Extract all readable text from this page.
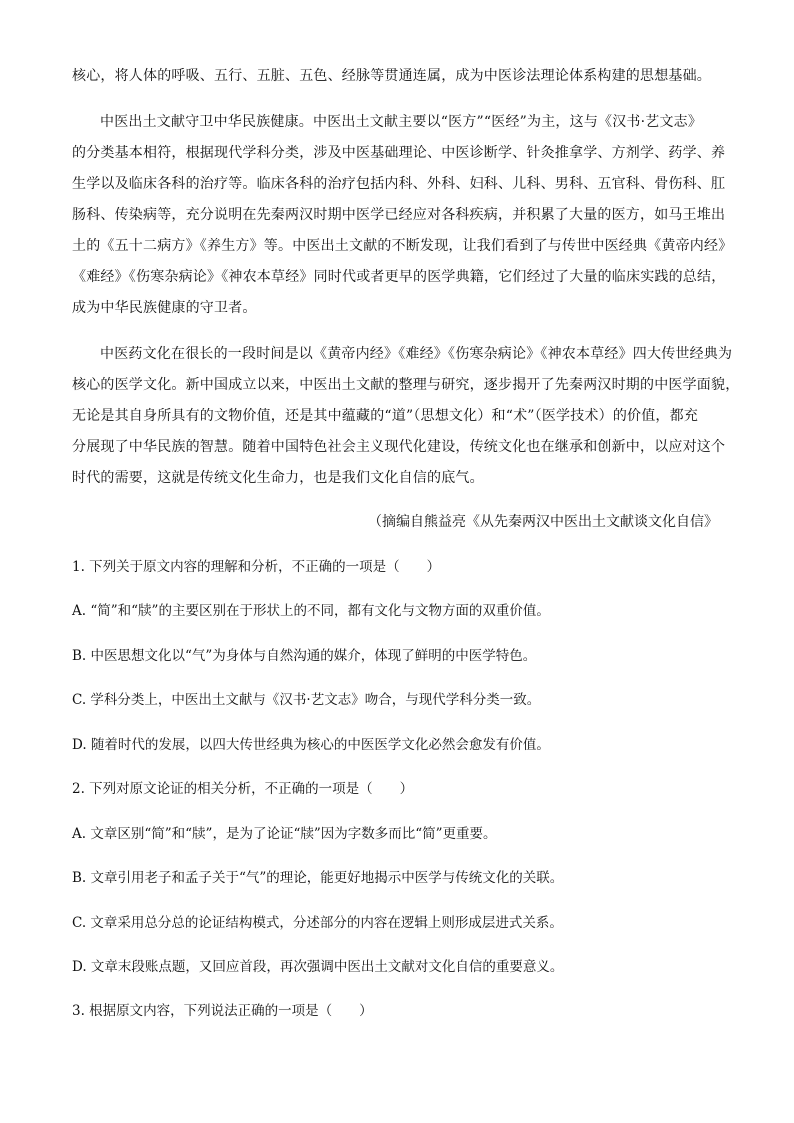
核心，将人体的呼吸、五行、五脏、五色、经脉等贯通连属，成为中医诊法理论体系构建的思想基础。
中医出土文献守卫中华民族健康。中医出土文献主要以“医方”“医经”为主，这与《汉书·艺文志》
的分类基本相符，根据现代学科分类，涉及中医基础理论、中医诊断学、针灸推拿学、方剂学、药学、养
生学以及临床各科的治疗等。临床各科的治疗包括内科、外科、妇科、儿科、男科、五官科、骨伤科、肛
肠科、传染病等，充分说明在先秦两汉时期中医学已经应对各科疾病，并积累了大量的医方，如马王堆出
土的《五十二病方》《养生方》等。中医出土文献的不断发现，让我们看到了与传世中医经典《黄帝内经》
《难经》《伤寒杂病论》《神农本草经》同时代或者更早的医学典籍，它们经过了大量的临床实践的总结，
成为中华民族健康的守卫者。
中医药文化在很长的一段时间是以《黄帝内经》《难经》《伤寒杂病论》《神农本草经》四大传世经典为
核心的医学文化。新中国成立以来，中医出土文献的整理与研究，逐步揭开了先秦两汉时期的中医学面貌，
无论是其自身所具有的文物价值，还是其中蕴藏的“道”（思想文化）和“术”（医学技术）的价值，都充
分展现了中华民族的智慧。随着中国特色社会主义现代化建设，传统文化也在继承和创新中，以应对这个
时代的需要，这就是传统文化生命力，也是我们文化自信的底气。
（摘编自熊益亮《从先秦两汉中医出土文献谈文化自信》
1. 下列关于原文内容的理解和分析，不正确的一项是（　　）
A. “简”和“牍”的主要区别在于形状上的不同，都有文化与文物方面的双重价值。
B. 中医思想文化以“气”为身体与自然沟通的媒介，体现了鲜明的中医学特色。
C. 学科分类上，中医出土文献与《汉书·艺文志》吻合，与现代学科分类一致。
D. 随着时代的发展，以四大传世经典为核心的中医医学文化必然会愈发有价值。
2. 下列对原文论证的相关分析，不正确的一项是（　　）
A. 文章区别“简”和“牍”，是为了论证“牍”因为字数多而比“简”更重要。
B. 文章引用老子和孟子关于“气”的理论，能更好地揭示中医学与传统文化的关联。
C. 文章采用总分总的论证结构模式，分述部分的内容在逻辑上则形成层进式关系。
D. 文章末段账点题，又回应首段，再次强调中医出土文献对文化自信的重要意义。
3. 根据原文内容，下列说法正确的一项是（　　）
